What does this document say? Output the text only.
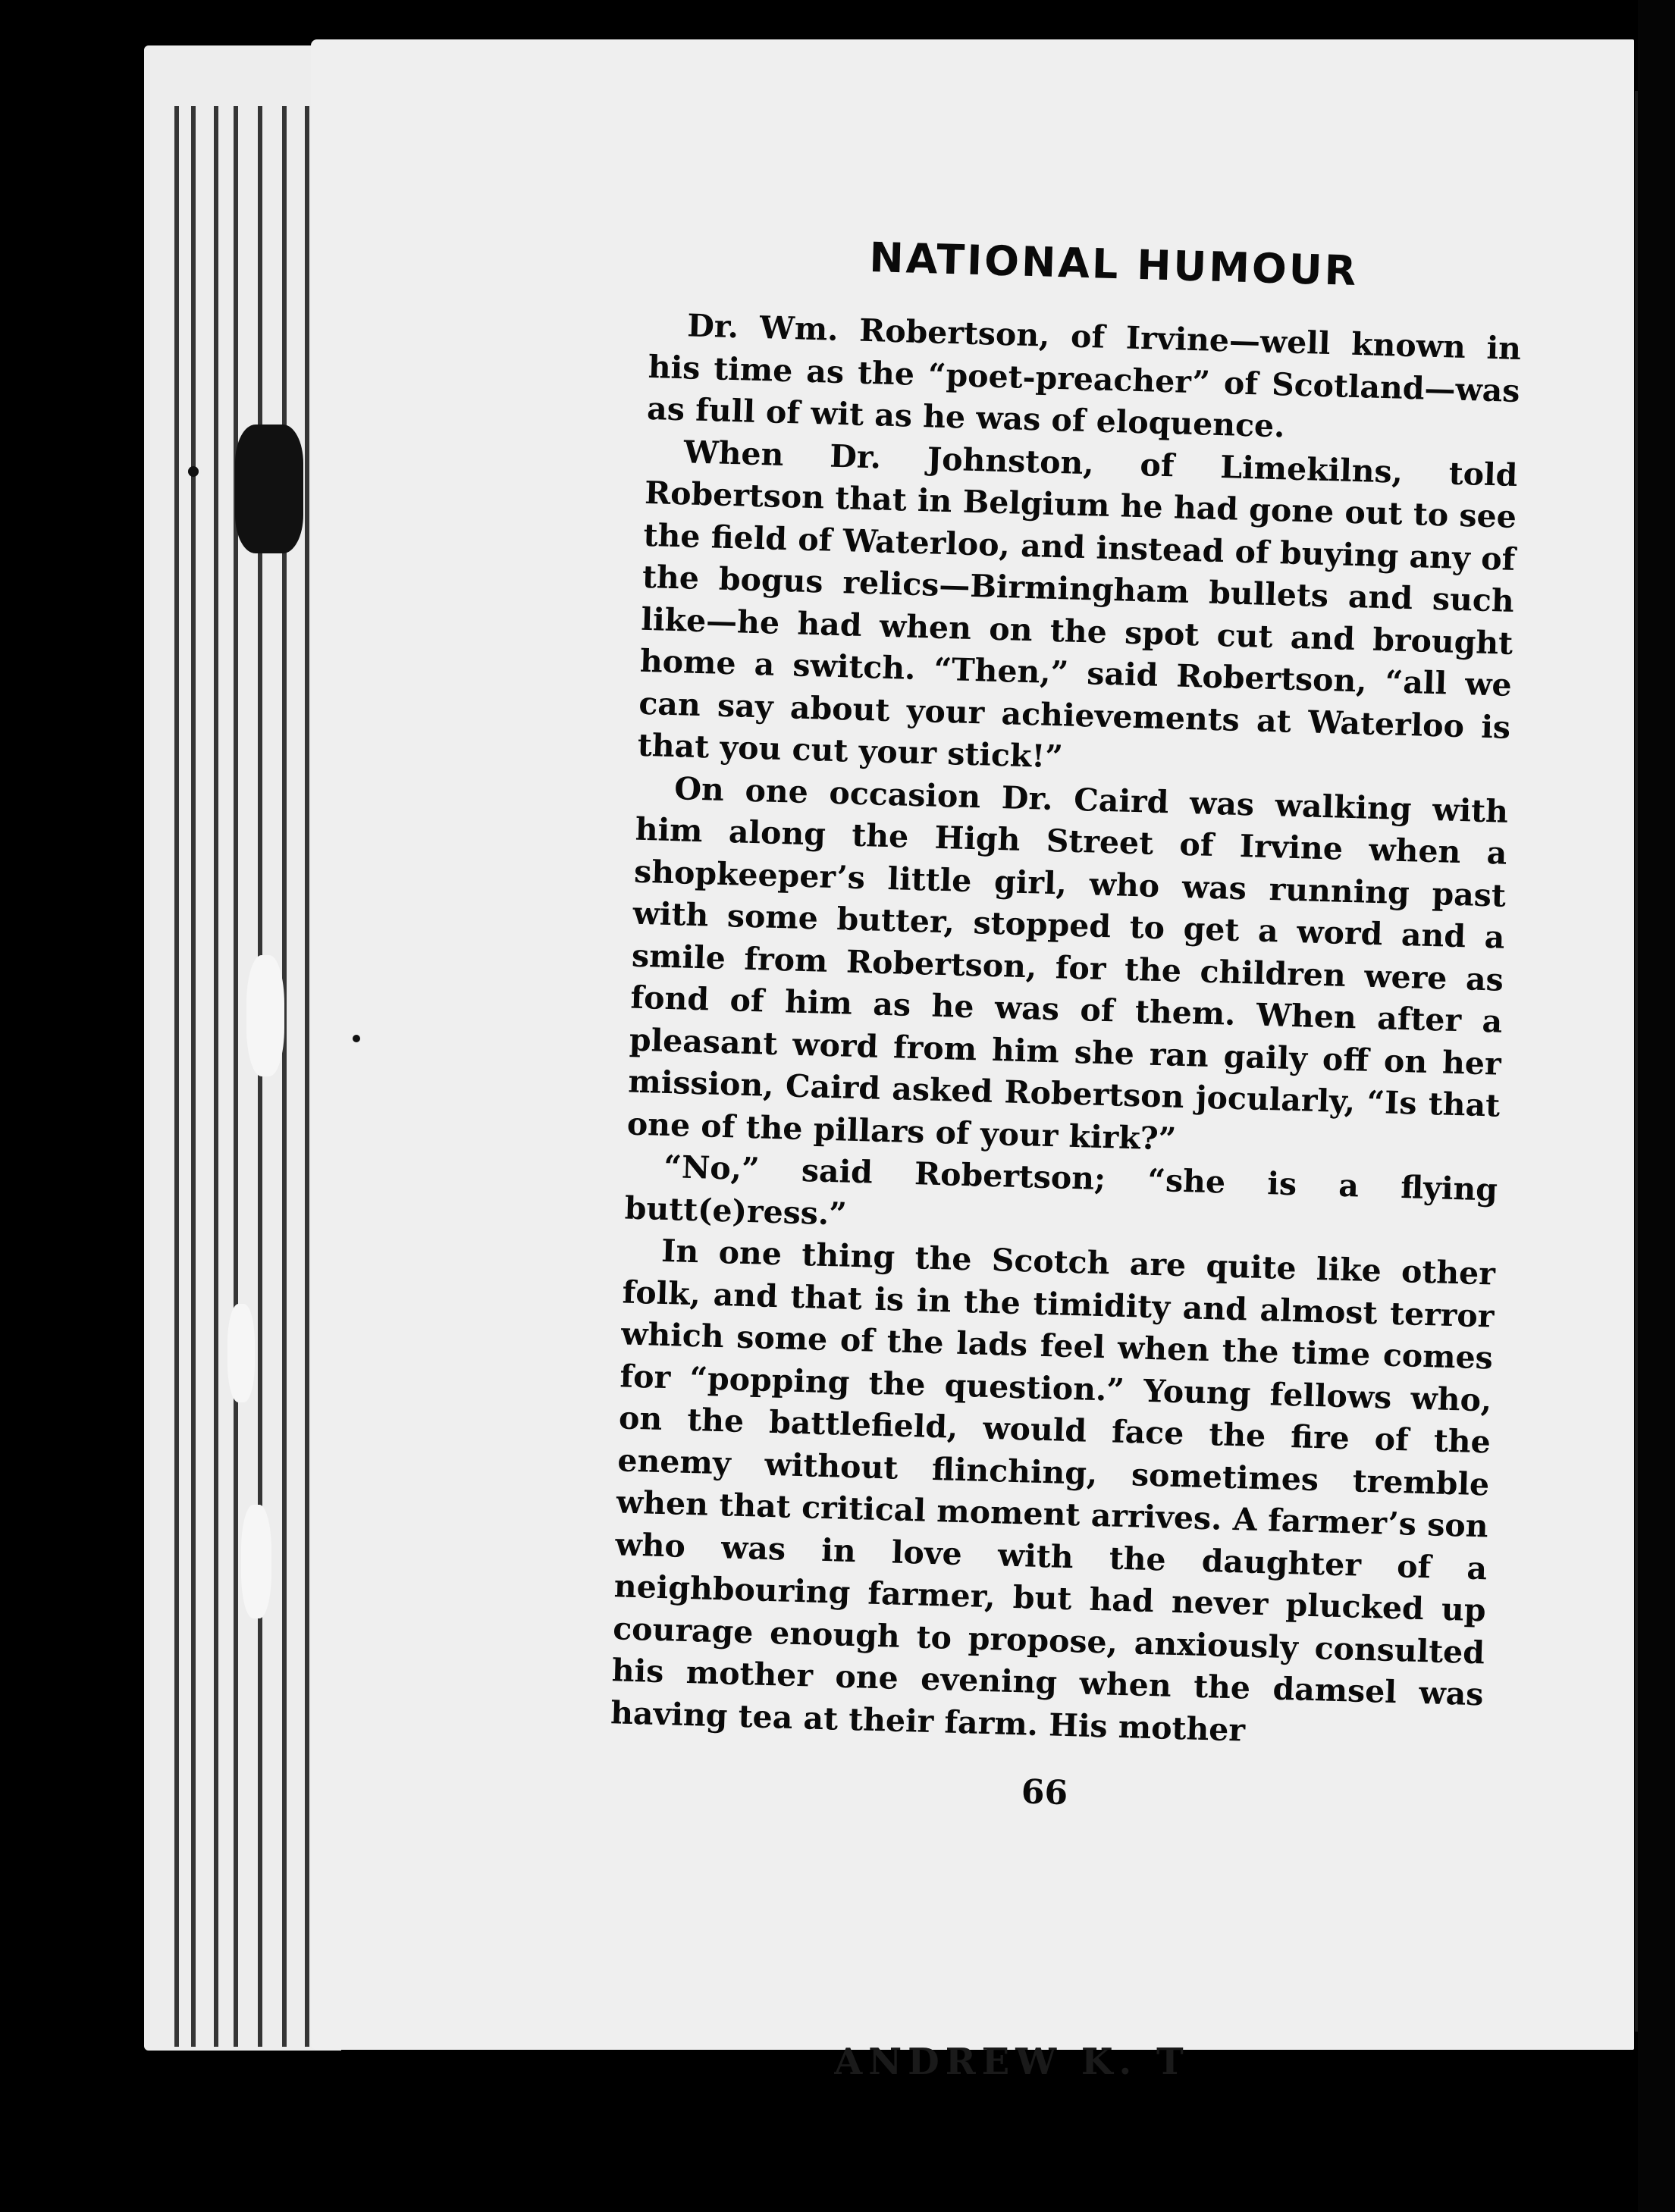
NATIONAL HUMOUR

Dr. Wm. Robertson, of Irvine—well known in his time as the “poet-preacher” of Scotland—was as full of wit as he was of eloquence.

When Dr. Johnston, of Limekilns, told Robertson that in Belgium he had gone out to see the field of Waterloo, and instead of buying any of the bogus relics—Birmingham bullets and such like—he had when on the spot cut and brought home a switch. “Then,” said Robertson, “all we can say about your achievements at Waterloo is that you cut your stick!”

On one occasion Dr. Caird was walking with him along the High Street of Irvine when a shopkeeper’s little girl, who was running past with some butter, stopped to get a word and a smile from Robertson, for the children were as fond of him as he was of them. When after a pleasant word from him she ran gaily off on her mission, Caird asked Robertson jocularly, “Is that one of the pillars of your kirk?”

“No,” said Robertson; “she is a flying butt(e)ress.”

In one thing the Scotch are quite like other folk, and that is in the timidity and almost terror which some of the lads feel when the time comes for “popping the question.” Young fellows who, on the battlefield, would face the fire of the enemy without flinching, sometimes tremble when that critical moment arrives. A farmer’s son who was in love with the daughter of a neighbouring farmer, but had never plucked up courage enough to propose, anxiously consulted his mother one evening when the damsel was having tea at their farm. His mother

66
ANDREW K. T
